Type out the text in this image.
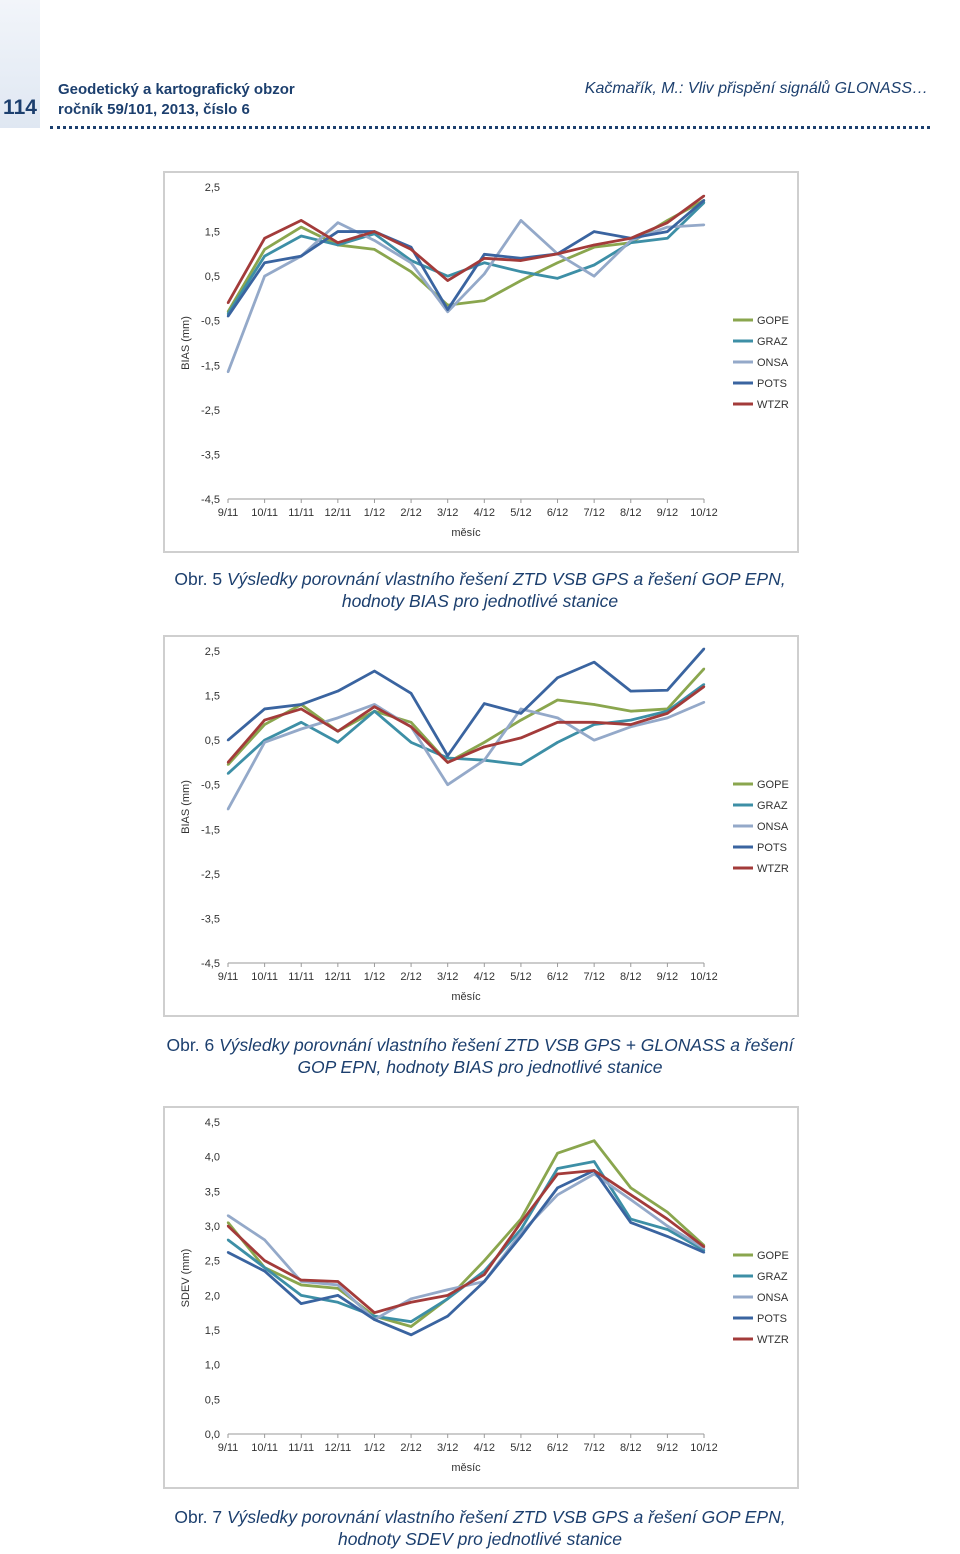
114
Geodetický a kartografický obzor
ročník 59/101, 2013, číslo 6
Kačmařík, M.: Vliv přispění signálů GLONASS…
2,5
1,5
0,5
-0,5
-1,5
-2,5
-3,5
-4,5
9/11 10/11 11/11 12/11 1/12 2/12 3/12 4/12 5/12 6/12 7/12 8/12 9/12 10/12
měsíc
BIAS (mm)	GOPE
GRAZ
ONSA
POTS
WTZR
Obr. 5 Výsledky porovnání vlastního řešení ZTD VSB GPS a řešení GOP EPN,
hodnoty BIAS pro jednotlivé stanice
2,5
1,5
0,5
-0,5
-1,5
-2,5
-3,5
-4,5
9/11 10/11 11/11 12/11 1/12 2/12 3/12 4/12 5/12 6/12 7/12 8/12 9/12 10/12
měsíc
BIAS (mm)	GOPE
GRAZ
ONSA
POTS
WTZR
Obr. 6 Výsledky porovnání vlastního řešení ZTD VSB GPS + GLONASS a řešení
GOP EPN, hodnoty BIAS pro jednotlivé stanice
4,5
4,0
3,5
3,0
2,5
2,0
1,5
1,0
0,5
0,0
9/11 10/11 11/11 12/11 1/12 2/12 3/12 4/12 5/12 6/12 7/12 8/12 9/12 10/12
měsíc
SDEV (mm)	GOPE
GRAZ
ONSA
POTS
WTZR
Obr. 7 Výsledky porovnání vlastního řešení ZTD VSB GPS a řešení GOP EPN,
hodnoty SDEV pro jednotlivé stanice
